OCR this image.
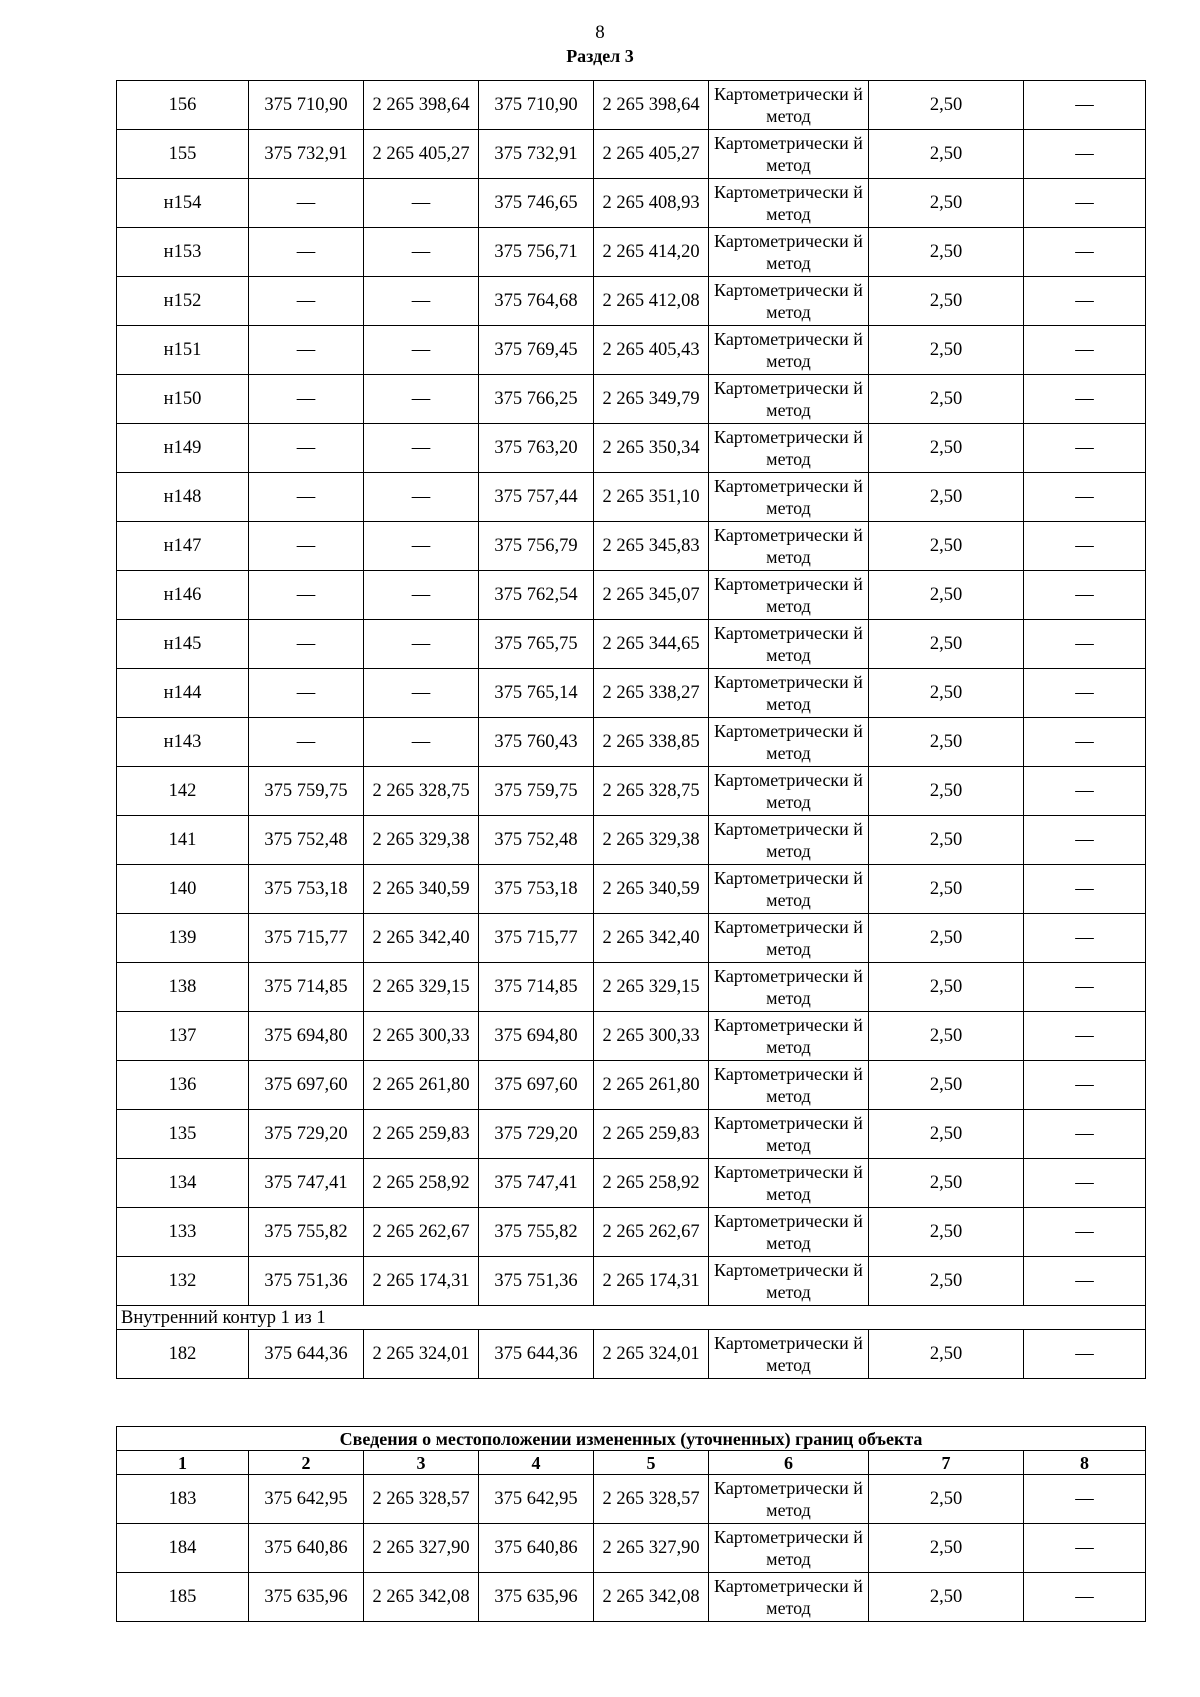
8
Раздел 3
156	375 710,90	2 265 398,64	375 710,90	2 265 398,64	Картометрически й метод	2,50	—
155	375 732,91	2 265 405,27	375 732,91	2 265 405,27	Картометрически й метод	2,50	—
н154	—	—	375 746,65	2 265 408,93	Картометрически й метод	2,50	—
н153	—	—	375 756,71	2 265 414,20	Картометрически й метод	2,50	—
н152	—	—	375 764,68	2 265 412,08	Картометрически й метод	2,50	—
н151	—	—	375 769,45	2 265 405,43	Картометрически й метод	2,50	—
н150	—	—	375 766,25	2 265 349,79	Картометрически й метод	2,50	—
н149	—	—	375 763,20	2 265 350,34	Картометрически й метод	2,50	—
н148	—	—	375 757,44	2 265 351,10	Картометрически й метод	2,50	—
н147	—	—	375 756,79	2 265 345,83	Картометрически й метод	2,50	—
н146	—	—	375 762,54	2 265 345,07	Картометрически й метод	2,50	—
н145	—	—	375 765,75	2 265 344,65	Картометрически й метод	2,50	—
н144	—	—	375 765,14	2 265 338,27	Картометрически й метод	2,50	—
н143	—	—	375 760,43	2 265 338,85	Картометрически й метод	2,50	—
142	375 759,75	2 265 328,75	375 759,75	2 265 328,75	Картометрически й метод	2,50	—
141	375 752,48	2 265 329,38	375 752,48	2 265 329,38	Картометрически й метод	2,50	—
140	375 753,18	2 265 340,59	375 753,18	2 265 340,59	Картометрически й метод	2,50	—
139	375 715,77	2 265 342,40	375 715,77	2 265 342,40	Картометрически й метод	2,50	—
138	375 714,85	2 265 329,15	375 714,85	2 265 329,15	Картометрически й метод	2,50	—
137	375 694,80	2 265 300,33	375 694,80	2 265 300,33	Картометрически й метод	2,50	—
136	375 697,60	2 265 261,80	375 697,60	2 265 261,80	Картометрически й метод	2,50	—
135	375 729,20	2 265 259,83	375 729,20	2 265 259,83	Картометрически й метод	2,50	—
134	375 747,41	2 265 258,92	375 747,41	2 265 258,92	Картометрически й метод	2,50	—
133	375 755,82	2 265 262,67	375 755,82	2 265 262,67	Картометрически й метод	2,50	—
132	375 751,36	2 265 174,31	375 751,36	2 265 174,31	Картометрически й метод	2,50	—
Внутренний контур 1 из 1							
182	375 644,36	2 265 324,01	375 644,36	2 265 324,01	Картометрически й метод	2,50	—
Сведения о местоположении измененных (уточненных) границ объекта							
1	2	3	4	5	6	7	8
183	375 642,95	2 265 328,57	375 642,95	2 265 328,57	Картометрически й метод	2,50	—
184	375 640,86	2 265 327,90	375 640,86	2 265 327,90	Картометрически й метод	2,50	—
185	375 635,96	2 265 342,08	375 635,96	2 265 342,08	Картометрически й метод	2,50	—
